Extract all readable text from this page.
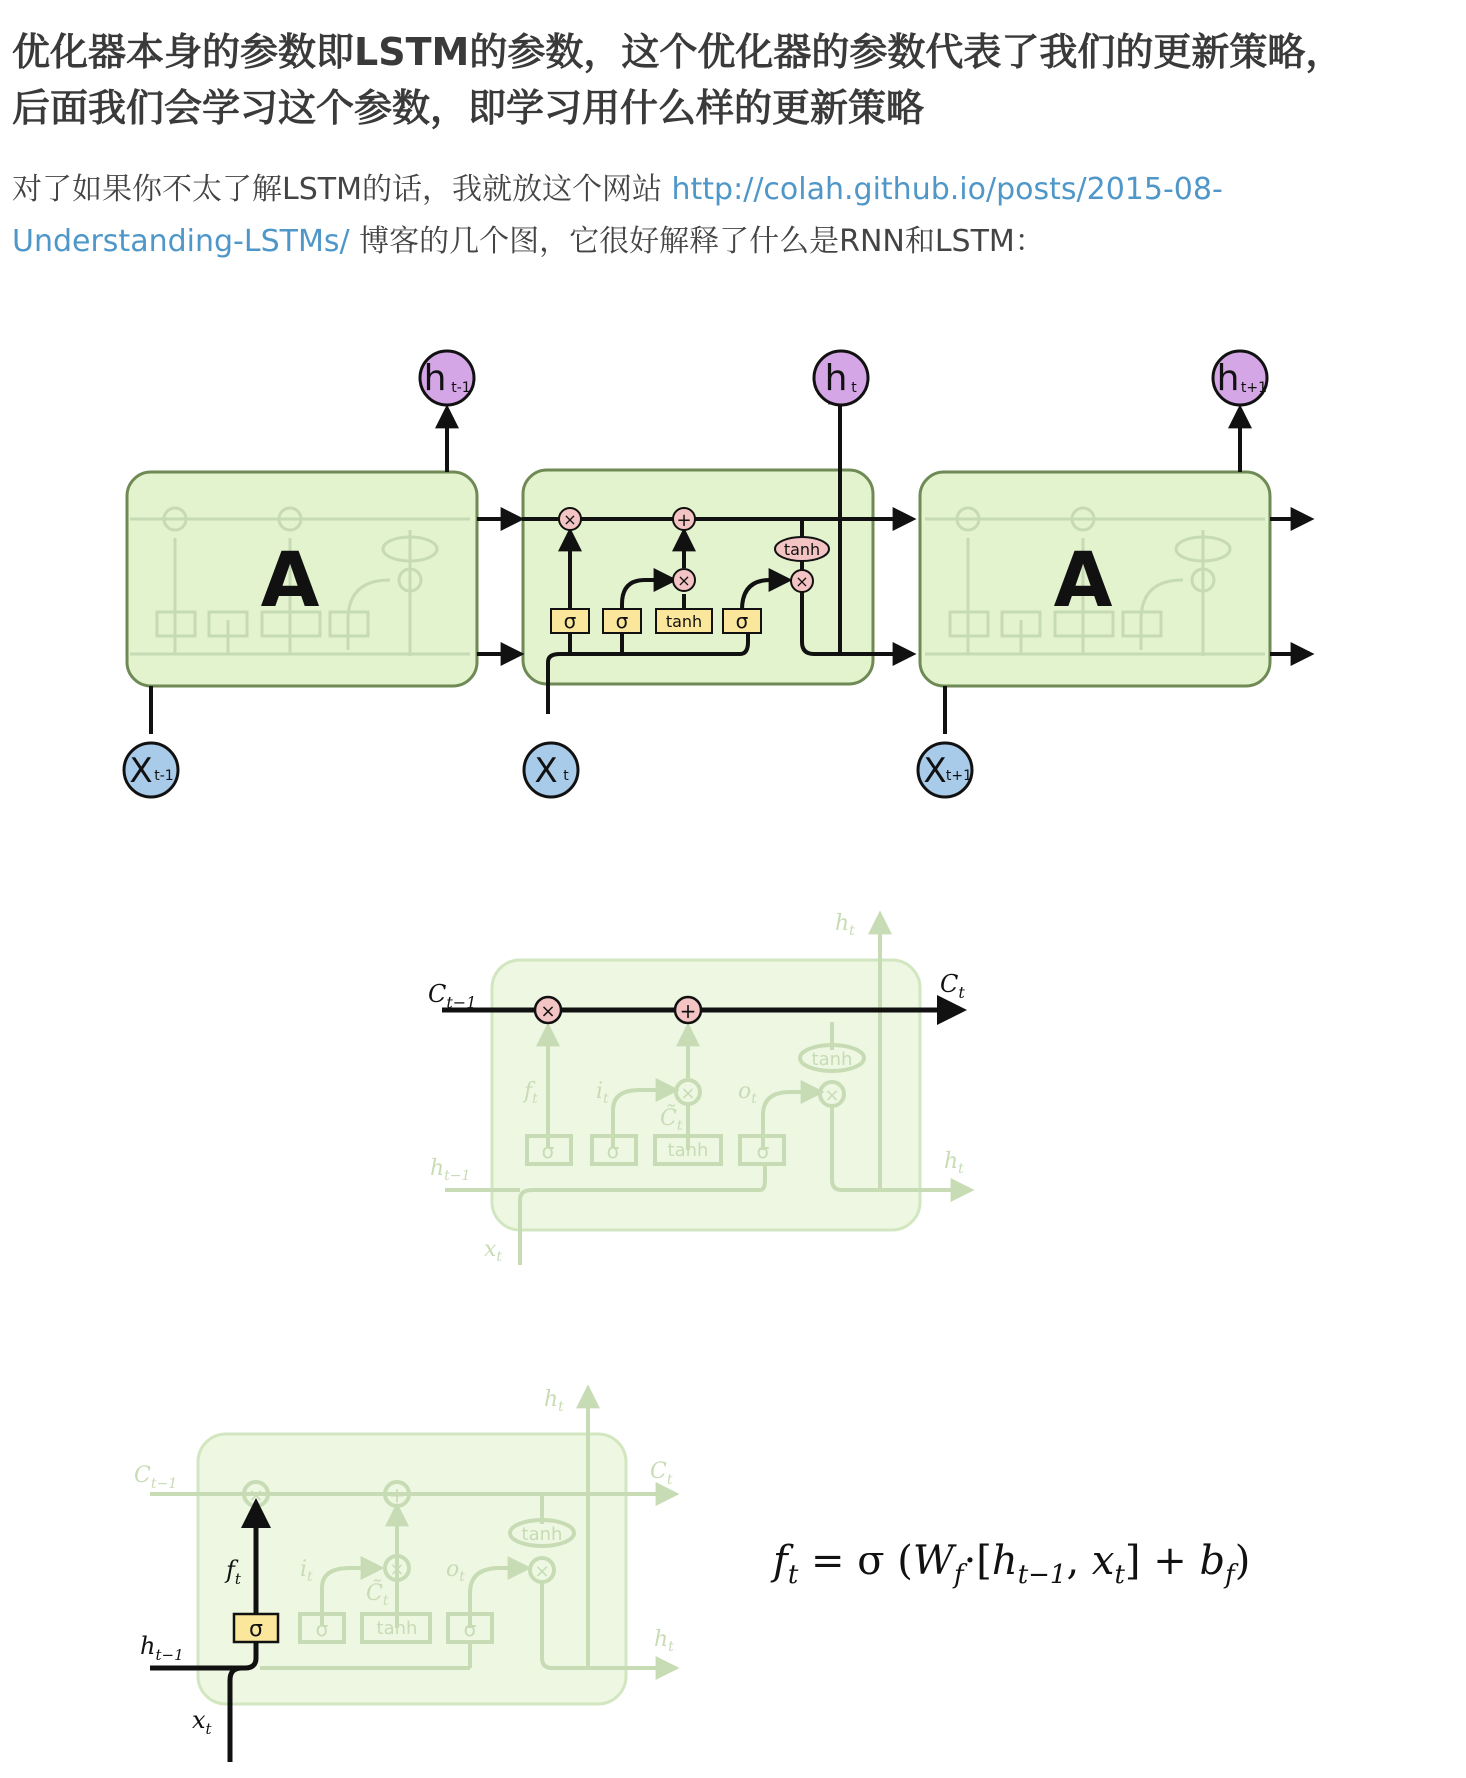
优化器本身的参数即LSTM的参数，这个优化器的参数代表了我们的更新策略，
后面我们会学习这个参数，即学习用什么样的更新策略

对了如果你不太了解LSTM的话，我就放这个网站 http://colah.github.io/posts/2015-08-Understanding-LSTMs/ 博客的几个图，它很好解释了什么是RNN和LSTM：

A	σ σ tanh σ
×	+
×	×
tanh	A
h t-1	h t	h t+1
X t-1	X t	X t+1
σ	σ	tanh σ
×	×
tanh
$f_t$	$i_t$
$C̃_t$
$o_t$
$h_t$
$h_{t-1}$
$h_t$
$x_t$
×	+
$C_{t-1}$
$C_t$
σ	tanh σ
×	+
×	×
tanh
$C_{t-1}$	$C_t$
$h_t$
$h_t$
$i_t$
$C̃_t$
$o_t$
σ
$f_t$
$h_{t-1}$
$x_t$
$f_t = \sigma$ ($W_f\cdot[h_{t-1}$, $x_t] + b_f$)
